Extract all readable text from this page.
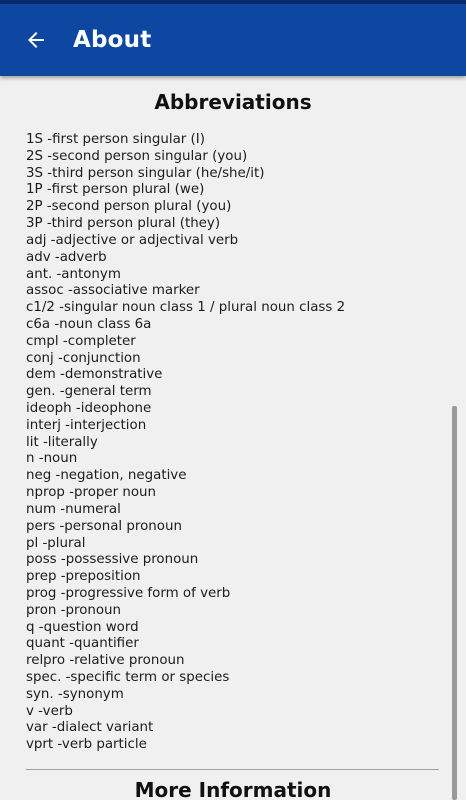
About
Abbreviations
1S -first person singular (I)
2S -second person singular (you)
3S -third person singular (he/she/it)
1P -first person plural (we)
2P -second person plural (you)
3P -third person plural (they)
adj -adjective or adjectival verb
adv -adverb
ant. -antonym
assoc -associative marker
c1/2 -singular noun class 1 / plural noun class 2
c6a -noun class 6a
cmpl -completer
conj -conjunction
dem -demonstrative
gen. -general term
ideoph -ideophone
interj -interjection
lit -literally
n -noun
neg -negation, negative
nprop -proper noun
num -numeral
pers -personal pronoun
pl -plural
poss -possessive pronoun
prep -preposition
prog -progressive form of verb
pron -pronoun
q -question word
quant -quantifier
relpro -relative pronoun
spec. -specific term or species
syn. -synonym
v -verb
var -dialect variant
vprt -verb particle
More Information
